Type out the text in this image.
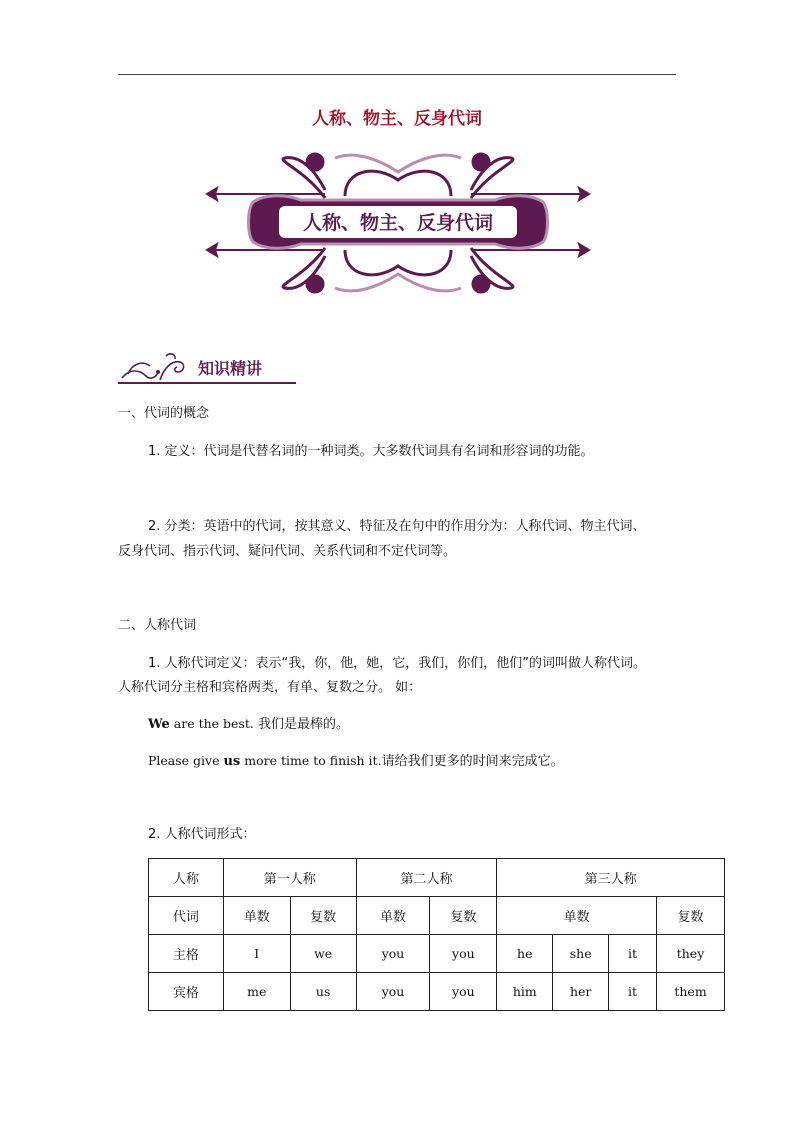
人称、物主、反身代词
人称、物主、反身代词
知识精讲
一、代词的概念
1. 定义：代词是代替名词的一种词类。大多数代词具有名词和形容词的功能。
2. 分类：英语中的代词，按其意义、特征及在句中的作用分为：人称代词、物主代词、
反身代词、指示代词、疑问代词、关系代词和不定代词等。
二、人称代词
1. 人称代词定义：表示“我，你，他，她，它，我们，你们，他们”的词叫做人称代词。
人称代词分主格和宾格两类，有单、复数之分。 如：
We are the best. 我们是最棒的。
Please give us more time to finish it.请给我们更多的时间来完成它。
2. 人称代词形式：
人称	第一人称		第二人称		第三人称			
代词	单数	复数	单数	复数	单数			复数
主格	I	we	you	you	he	she	it	they
宾格	me	us	you	you	him	her	it	them
